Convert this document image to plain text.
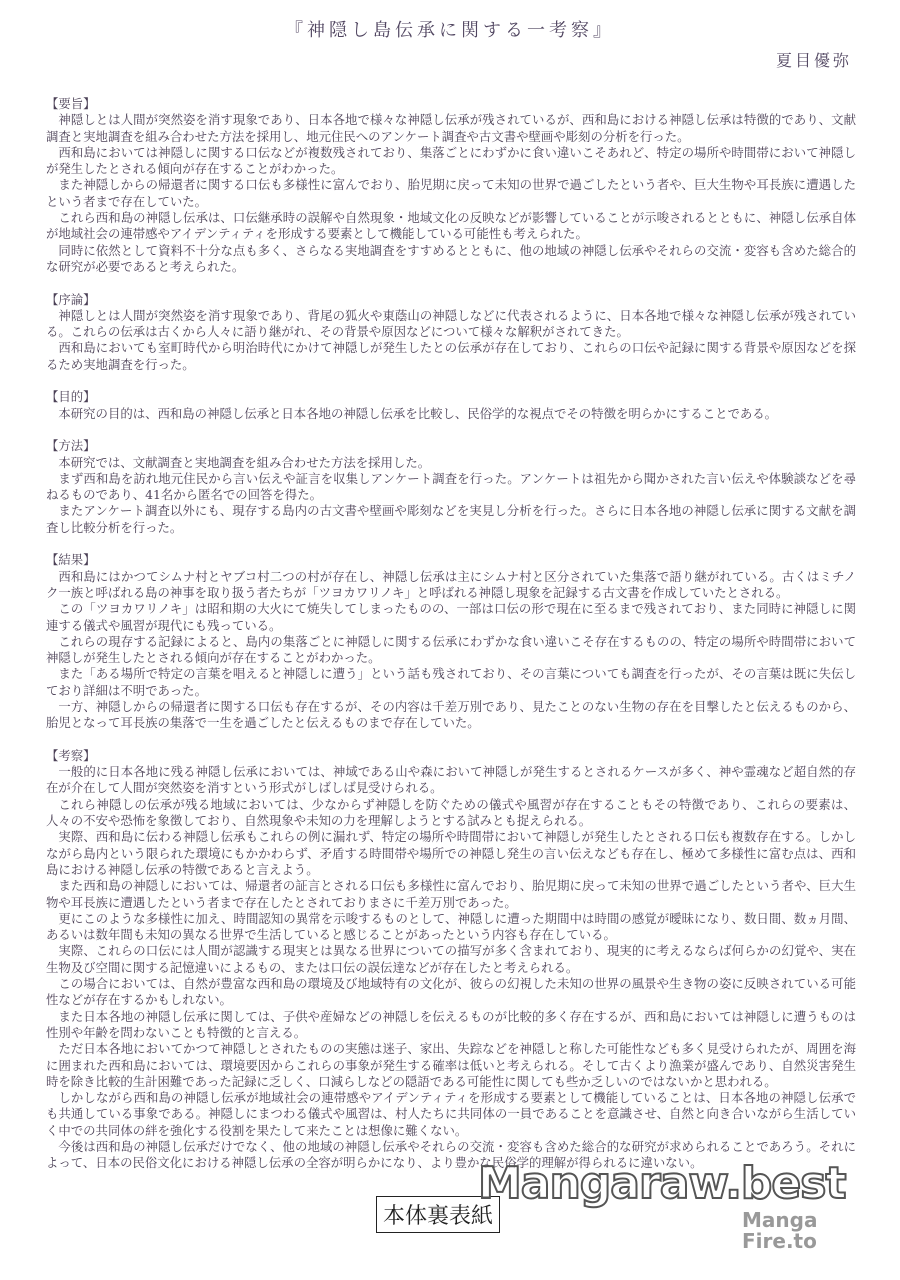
『神隠し島伝承に関する一考察』
夏目優弥
【要旨】

神隠しとは人間が突然姿を消す現象であり、日本各地で様々な神隠し伝承が残されているが、西和島における神隠し伝承は特徴的であり、文献調査と実地調査を組み合わせた方法を採用し、地元住民へのアンケート調査や古文書や壁画や彫刻の分析を行った。

西和島においては神隠しに関する口伝などが複数残されており、集落ごとにわずかに食い違いこそあれど、特定の場所や時間帯において神隠しが発生したとされる傾向が存在することがわかった。

また神隠しからの帰還者に関する口伝も多様性に富んでおり、胎児期に戻って未知の世界で過ごしたという者や、巨大生物や耳長族に遭遇したという者まで存在していた。

これら西和島の神隠し伝承は、口伝継承時の誤解や自然現象・地域文化の反映などが影響していることが示唆されるとともに、神隠し伝承自体が地域社会の連帯感やアイデンティティを形成する要素として機能している可能性も考えられた。

同時に依然として資料不十分な点も多く、さらなる実地調査をすすめるとともに、他の地域の神隠し伝承やそれらの交流・変容も含めた総合的な研究が必要であると考えられた。

【序論】

神隠しとは人間が突然姿を消す現象であり、背尾の狐火や東蔭山の神隠しなどに代表されるように、日本各地で様々な神隠し伝承が残されている。これらの伝承は古くから人々に語り継がれ、その背景や原因などについて様々な解釈がされてきた。

西和島においても室町時代から明治時代にかけて神隠しが発生したとの伝承が存在しており、これらの口伝や記録に関する背景や原因などを探るため実地調査を行った。

【目的】

本研究の目的は、西和島の神隠し伝承と日本各地の神隠し伝承を比較し、民俗学的な視点でその特徴を明らかにすることである。

【方法】

本研究では、文献調査と実地調査を組み合わせた方法を採用した。

まず西和島を訪れ地元住民から言い伝えや証言を収集しアンケート調査を行った。アンケートは祖先から聞かされた言い伝えや体験談などを尋ねるものであり、41名から匿名での回答を得た。

またアンケート調査以外にも、現存する島内の古文書や壁画や彫刻などを実見し分析を行った。さらに日本各地の神隠し伝承に関する文献を調査し比較分析を行った。

【結果】

西和島にはかつてシムナ村とヤブコ村二つの村が存在し、神隠し伝承は主にシムナ村と区分されていた集落で語り継がれている。古くはミチノク一族と呼ばれる島の神事を取り扱う者たちが「ツヨカワリノキ」と呼ばれる神隠し現象を記録する古文書を作成していたとされる。

この「ツヨカワリノキ」は昭和期の大火にて焼失してしまったものの、一部は口伝の形で現在に至るまで残されており、また同時に神隠しに関連する儀式や風習が現代にも残っている。

これらの現存する記録によると、島内の集落ごとに神隠しに関する伝承にわずかな食い違いこそ存在するものの、特定の場所や時間帯において神隠しが発生したとされる傾向が存在することがわかった。

また「ある場所で特定の言葉を唱えると神隠しに遭う」という話も残されており、その言葉についても調査を行ったが、その言葉は既に失伝しており詳細は不明であった。

一方、神隠しからの帰還者に関する口伝も存在するが、その内容は千差万別であり、見たことのない生物の存在を目撃したと伝えるものから、胎児となって耳長族の集落で一生を過ごしたと伝えるものまで存在していた。

【考察】

一般的に日本各地に残る神隠し伝承においては、神域である山や森において神隠しが発生するとされるケースが多く、神や霊魂など超自然的存在が介在して人間が突然姿を消すという形式がしばしば見受けられる。

これら神隠しの伝承が残る地域においては、少なからず神隠しを防ぐための儀式や風習が存在することもその特徴であり、これらの要素は、人々の不安や恐怖を象徴しており、自然現象や未知の力を理解しようとする試みとも捉えられる。

実際、西和島に伝わる神隠し伝承もこれらの例に漏れず、特定の場所や時間帯において神隠しが発生したとされる口伝も複数存在する。しかしながら島内という限られた環境にもかかわらず、矛盾する時間帯や場所での神隠し発生の言い伝えなども存在し、極めて多様性に富む点は、西和島における神隠し伝承の特徴であると言えよう。

また西和島の神隠しにおいては、帰還者の証言とされる口伝も多様性に富んでおり、胎児期に戻って未知の世界で過ごしたという者や、巨大生物や耳長族に遭遇したという者まで存在したとされておりまさに千差万別であった。

更にこのような多様性に加え、時間認知の異常を示唆するものとして、神隠しに遭った期間中は時間の感覚が曖昧になり、数日間、数ヵ月間、あるいは数年間も未知の異なる世界で生活していると感じることがあったという内容も存在している。

実際、これらの口伝には人間が認識する現実とは異なる世界についての描写が多く含まれており、現実的に考えるならば何らかの幻覚や、実在生物及び空間に関する記憶違いによるもの、または口伝の誤伝達などが存在したと考えられる。

この場合においては、自然が豊富な西和島の環境及び地域特有の文化が、彼らの幻視した未知の世界の風景や生き物の姿に反映されている可能性などが存在するかもしれない。

また日本各地の神隠し伝承に関しては、子供や産婦などの神隠しを伝えるものが比較的多く存在するが、西和島においては神隠しに遭うものは性別や年齢を問わないことも特徴的と言える。

ただ日本各地においてかつて神隠しとされたものの実態は迷子、家出、失踪などを神隠しと称した可能性なども多く見受けられたが、周囲を海に囲まれた西和島においては、環境要因からこれらの事象が発生する確率は低いと考えられる。そして古くより漁業が盛んであり、自然災害発生時を除き比較的生計困難であった記録に乏しく、口減らしなどの隠語である可能性に関しても些か乏しいのではないかと思われる。

しかしながら西和島の神隠し伝承が地域社会の連帯感やアイデンティティを形成する要素として機能していることは、日本各地の神隠し伝承でも共通している事象である。神隠しにまつわる儀式や風習は、村人たちに共同体の一員であることを意識させ、自然と向き合いながら生活していく中での共同体の絆を強化する役割を果たして来たことは想像に難くない。

今後は西和島の神隠し伝承だけでなく、他の地域の神隠し伝承やそれらの交流・変容も含めた総合的な研究が求められることであろう。それによって、日本の民俗文化における神隠し伝承の全容が明らかになり、より豊かな民俗学的理解が得られるに違いない。

本体裏表紙
Mangaraw.best
Manga
Fire.to
